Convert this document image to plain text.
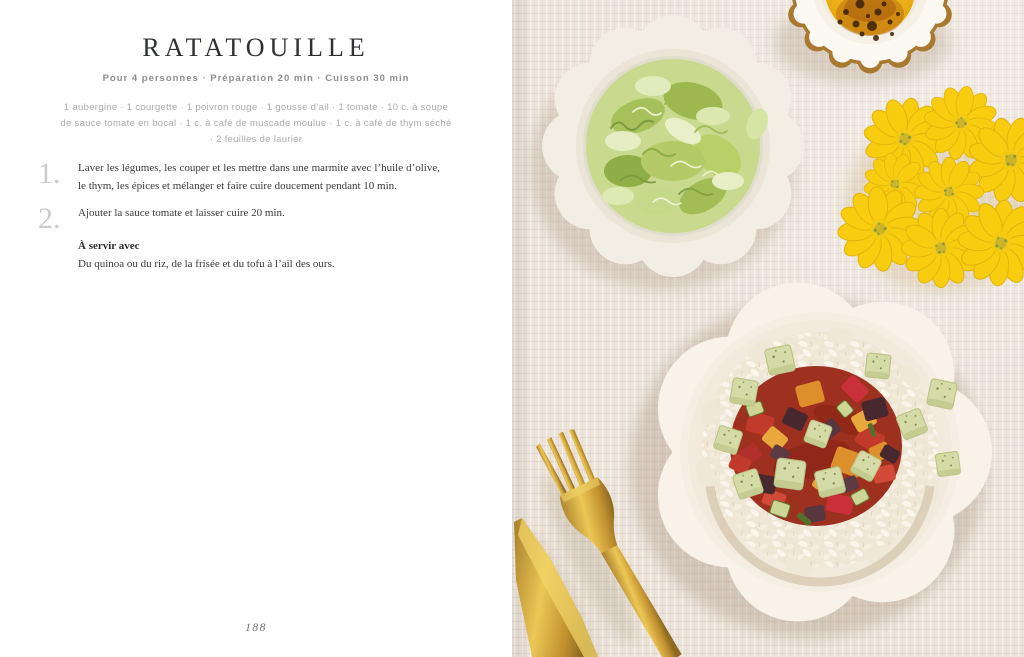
RATATOUILLE
Pour 4 personnes · Préparation 20 min · Cuisson 30 min

1 aubergine · 1 courgette · 1 poivron rouge · 1 gousse d’ail · 1 tomate · 10 c. à soupe de sauce tomate en bocal · 1 c. à café de muscade moulue · 1 c. à café de thym séché · 2 feuilles de laurier

1.	Laver les légumes, les couper et les mettre dans une marmite avec l’huile d’olive, le thym, les épices et mélanger et faire cuire doucement pendant 10 min.

2.	Ajouter la sauce tomate et laisser cuire 20 min.

À servir avec

Du quinoa ou du riz, de la frisée et du tofu à l’ail des ours.

188
